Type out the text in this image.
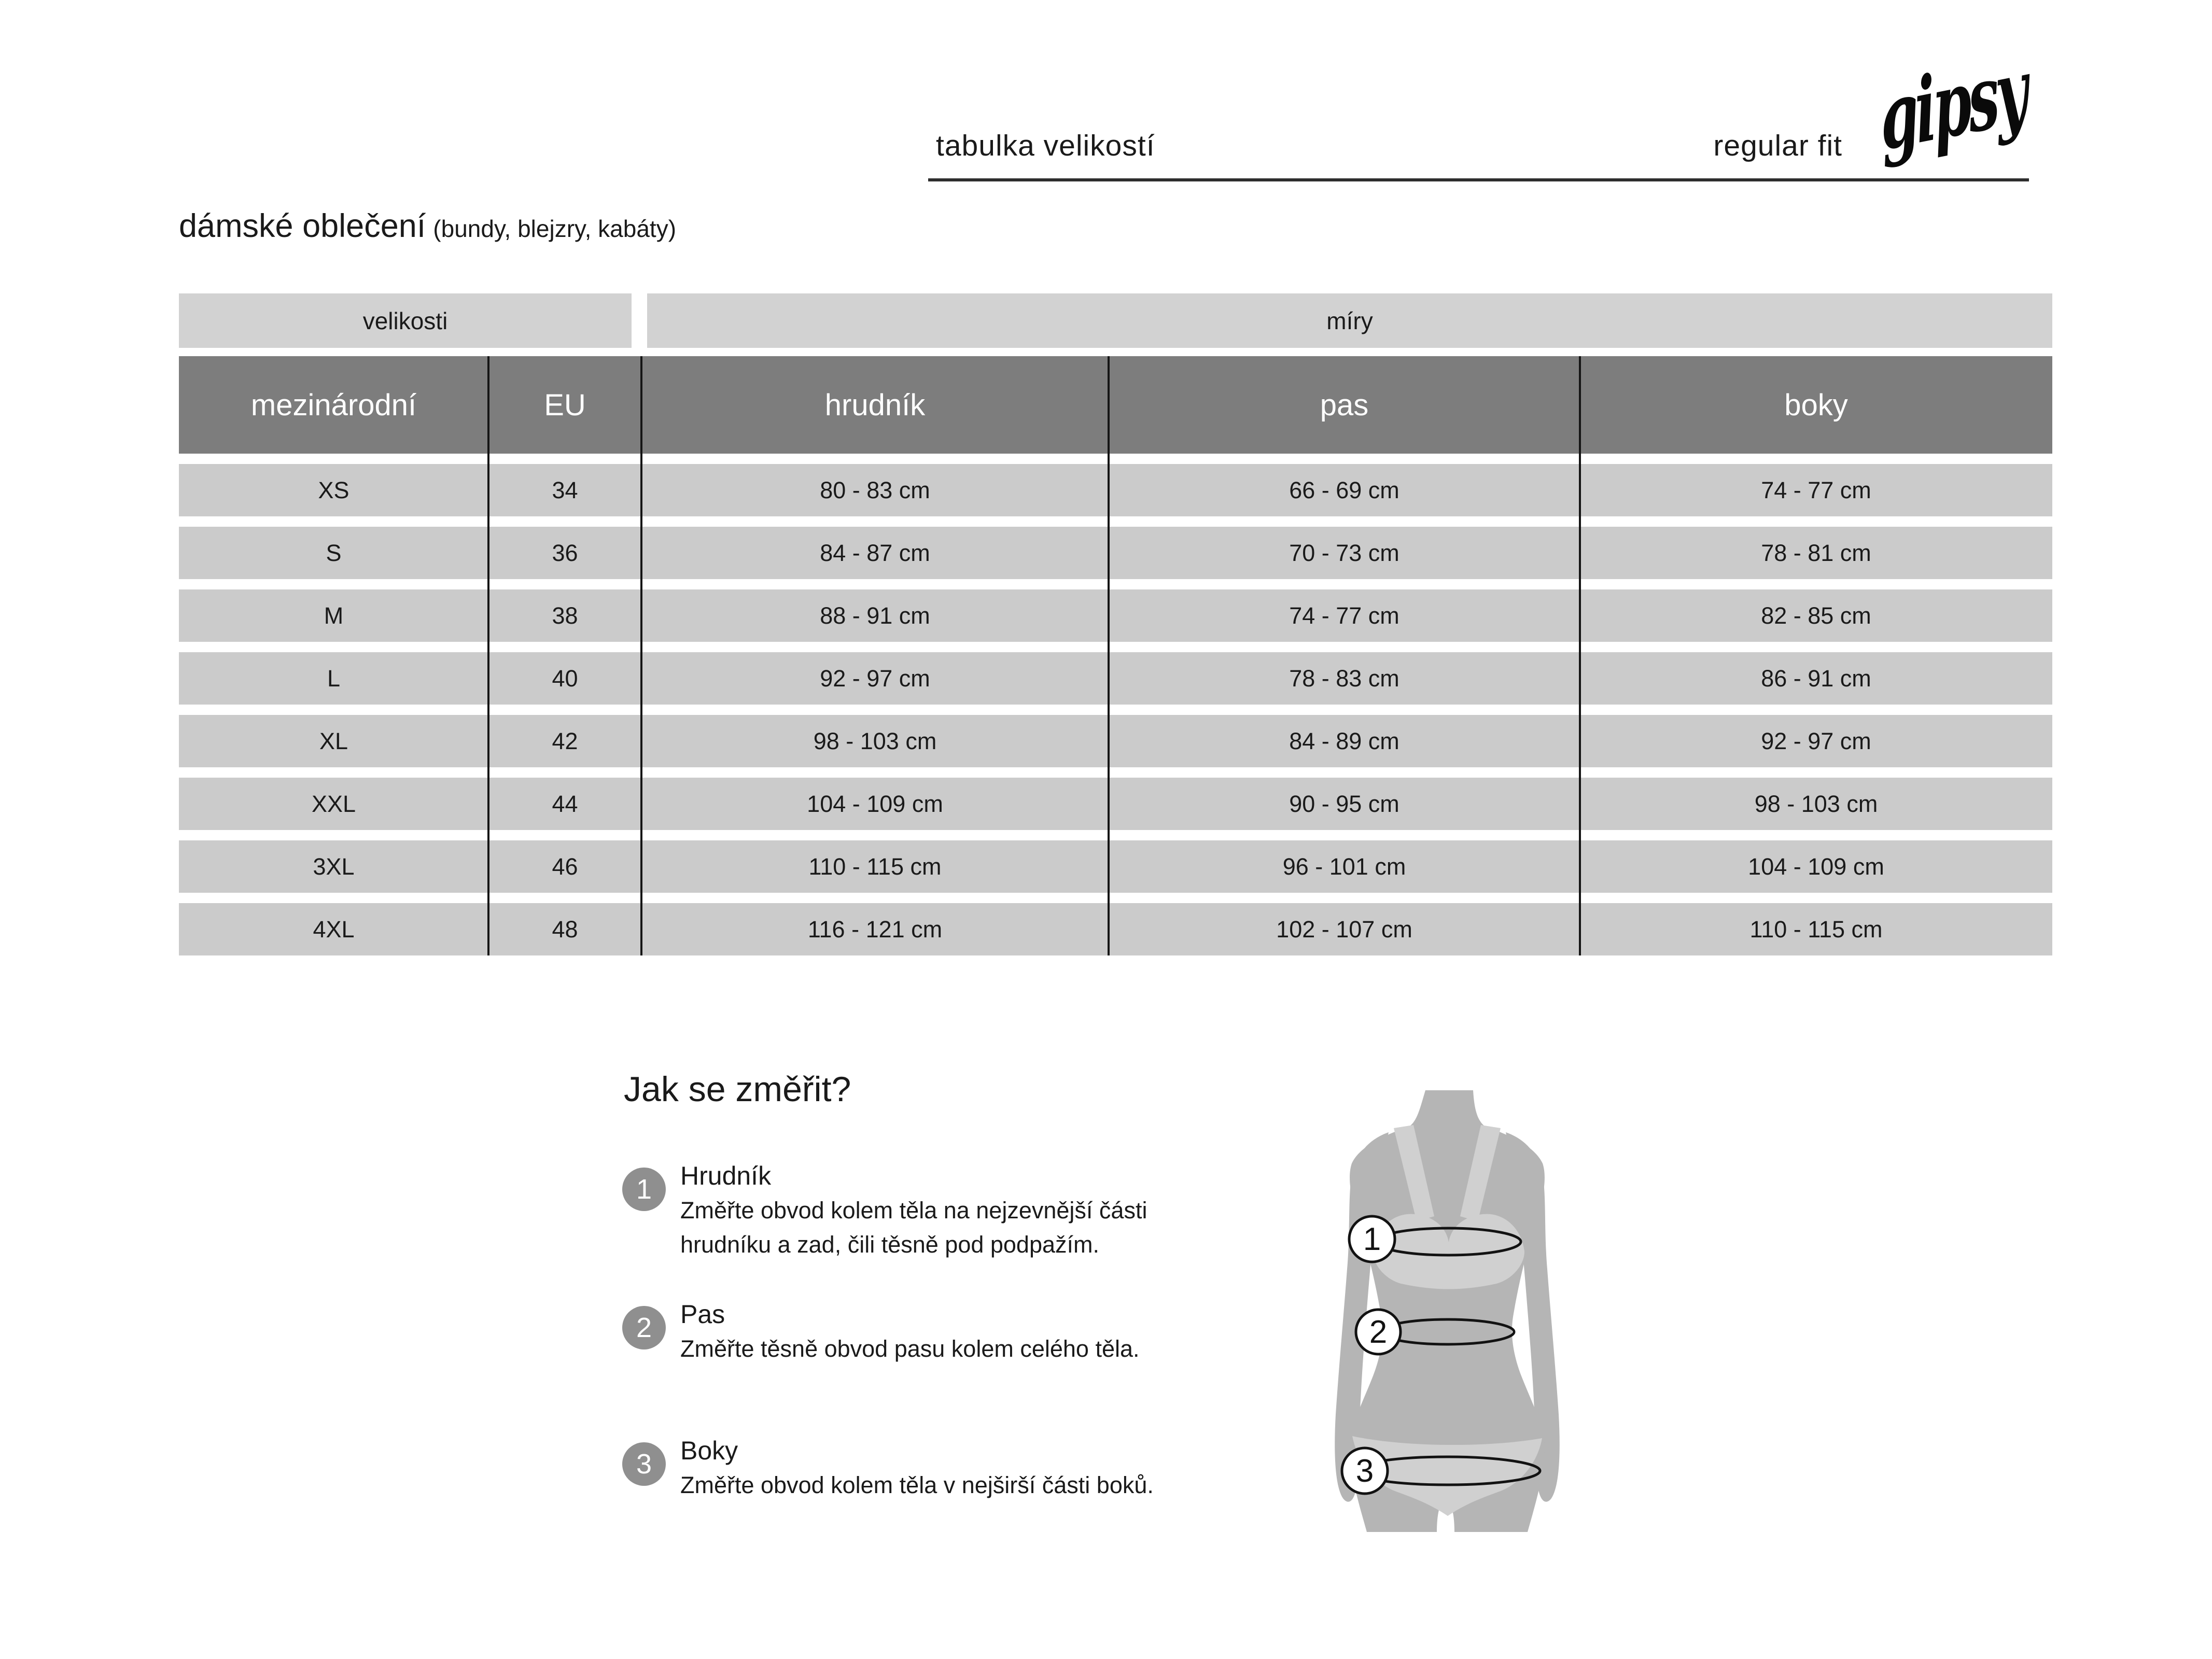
tabulka velikostí	regular fit gipsy
dámské oblečení (bundy, blejzry, kabáty)
velikosti	míry
mezinárodní	EU	hrudník	pas	boky
XS	34	80 - 83 cm	66 - 69 cm	74 - 77 cm
S	36	84 - 87 cm	70 - 73 cm	78 - 81 cm
M	38	88 - 91 cm	74 - 77 cm	82 - 85 cm
L	40	92 - 97 cm	78 - 83 cm	86 - 91 cm
XL	42	98 - 103 cm	84 - 89 cm	92 - 97 cm
XXL	44	104 - 109 cm	90 - 95 cm	98 - 103 cm
3XL	46	110 - 115 cm	96 - 101 cm	104 - 109 cm
4XL	48	116 - 121 cm	102 - 107 cm	110 - 115 cm
Jak se změřit?
1	Hrudník
Změřte obvod kolem těla na nejzevnější části hrudníku a zad, čili těsně pod podpažím.
2	Pas
Změřte těsně obvod pasu kolem celého těla.
3	Boky
Změřte obvod kolem těla v nejširší části boků.
1
2
3
